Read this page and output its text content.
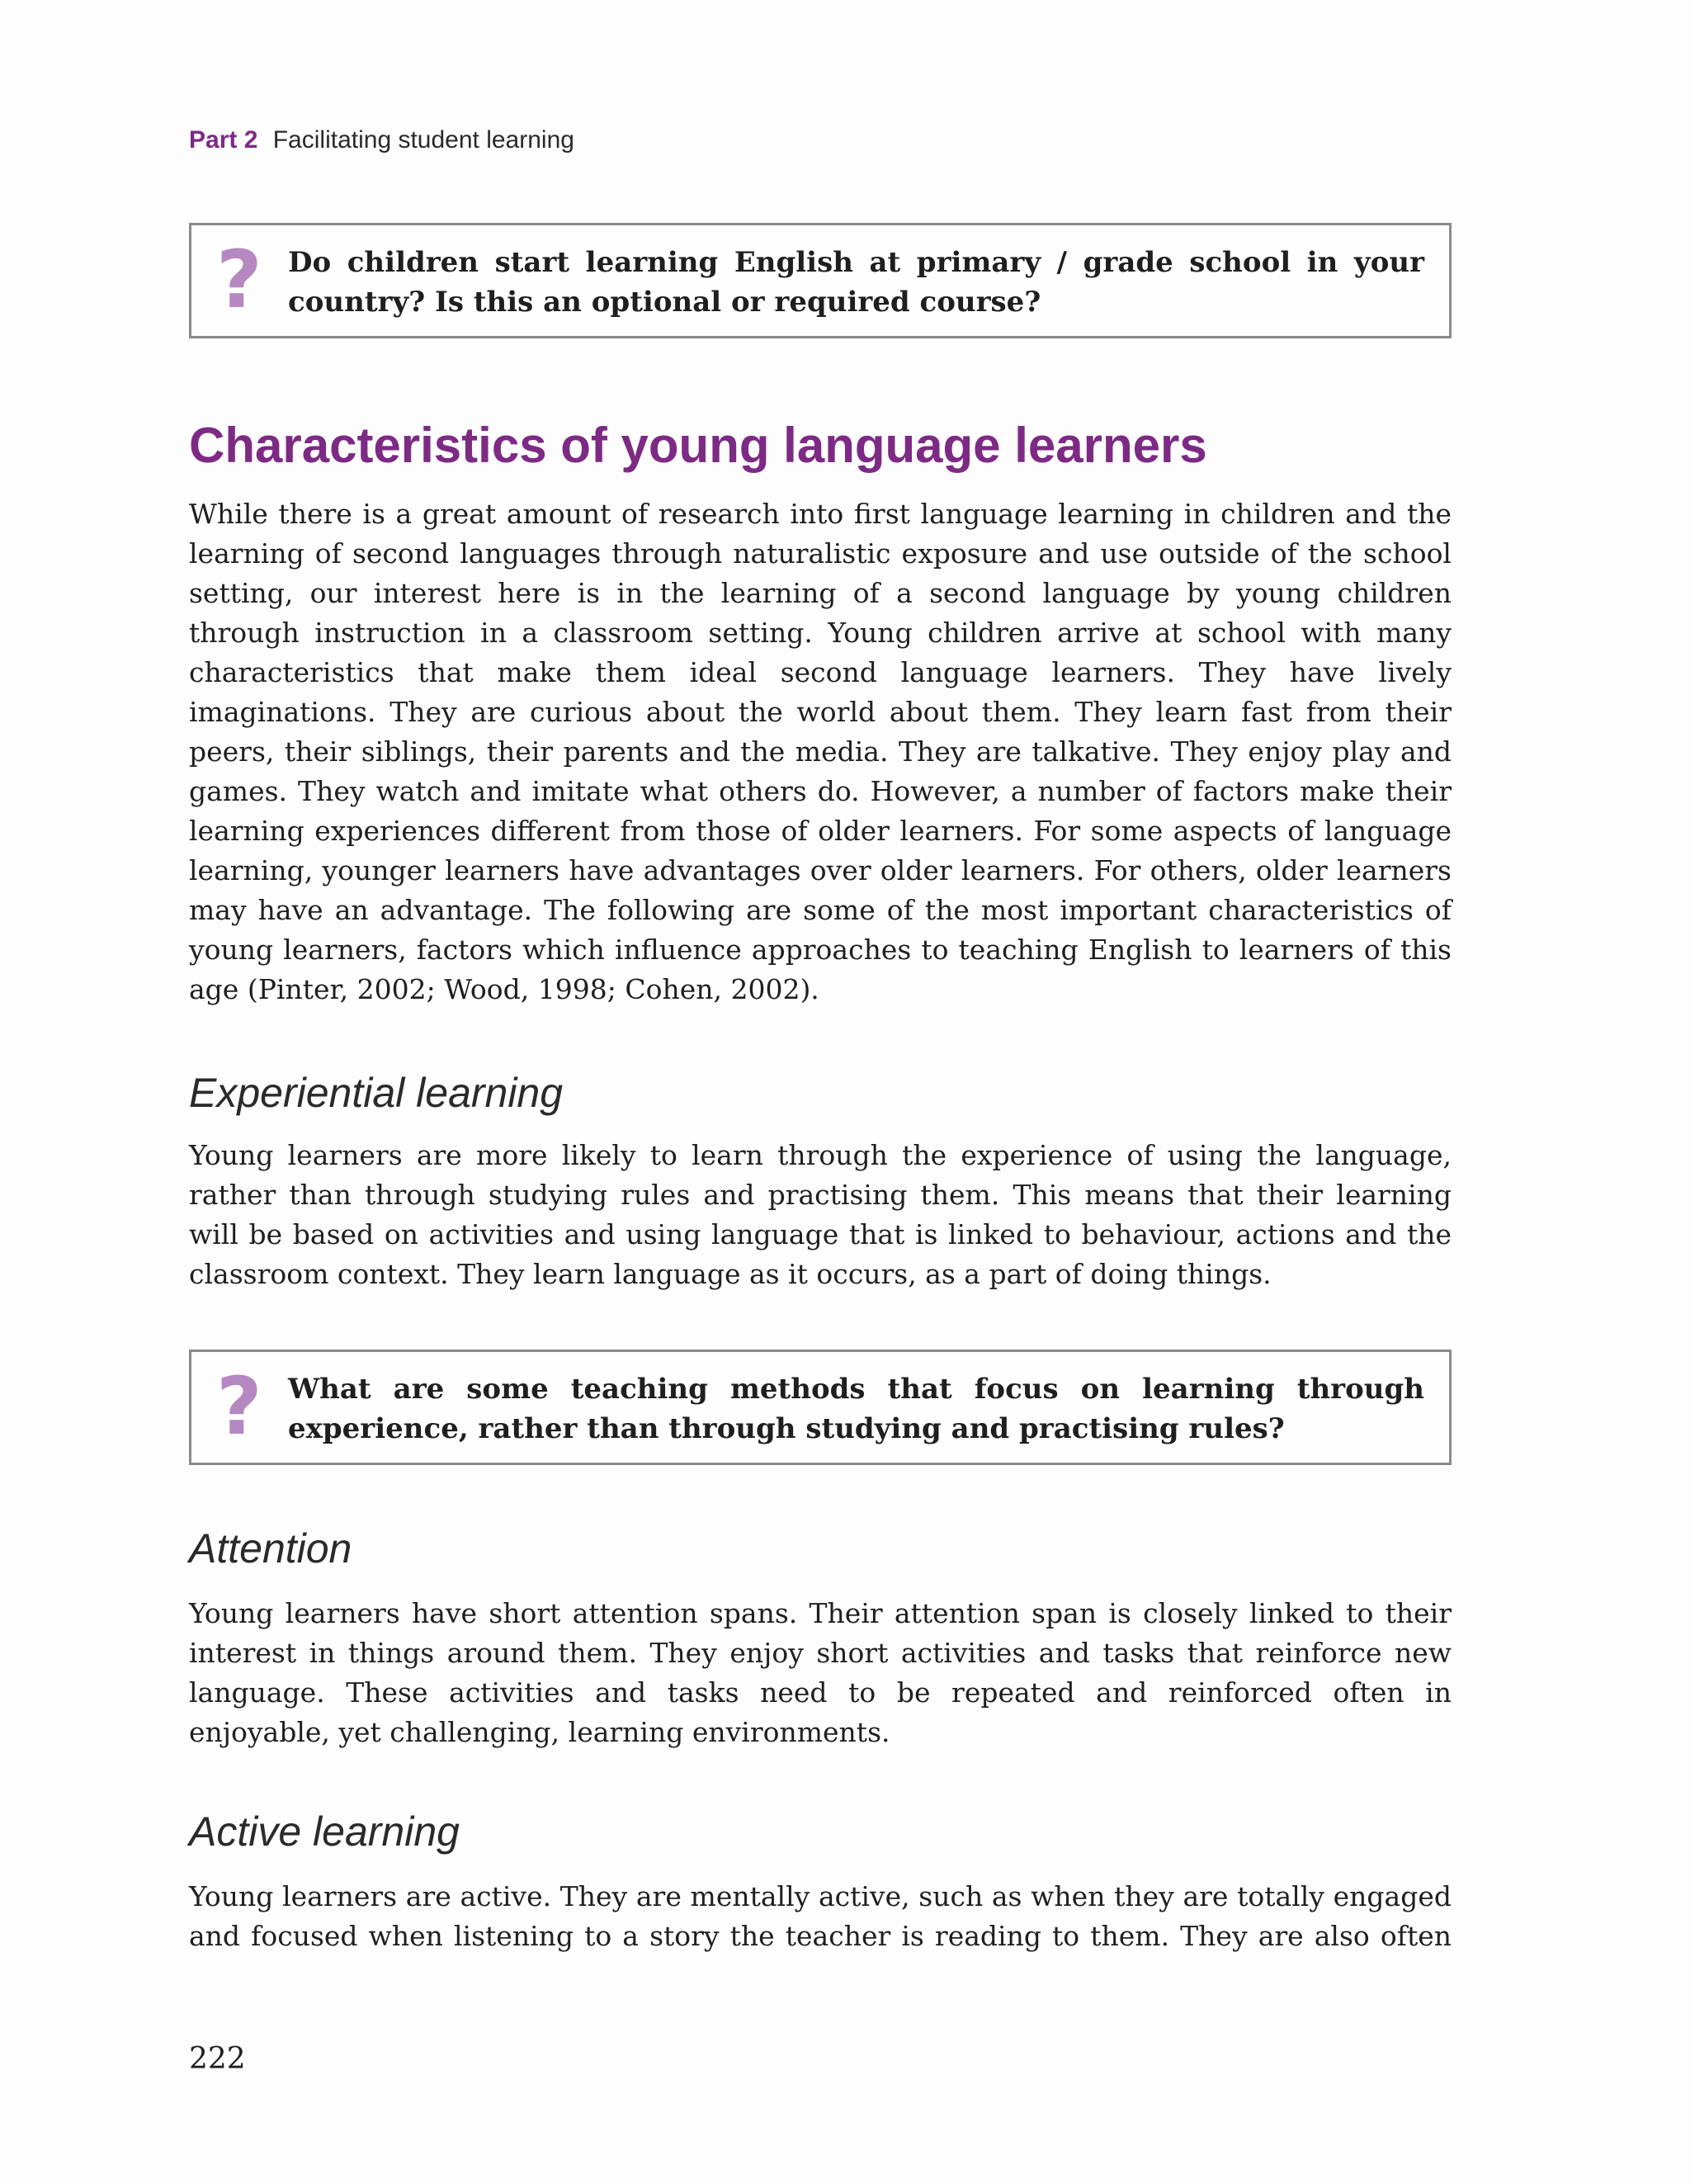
Part 2 Facilitating student learning
? Do children start learning English at primary / grade school in your country? Is this an optional or required course?
Characteristics of young language learners

While there is a great amount of research into first language learning in children and the learning of second languages through naturalistic exposure and use outside of the school setting, our interest here is in the learning of a second language by young children through instruction in a classroom setting. Young children arrive at school with many characteristics that make them ideal second language learners. They have lively imaginations. They are curious about the world about them. They learn fast from their peers, their siblings, their parents and the media. They are talkative. They enjoy play and games. They watch and imitate what others do. However, a number of factors make their learning experiences different from those of older learners. For some aspects of language learning, younger learners have advantages over older learners. For others, older learners may have an advantage. The following are some of the most important characteristics of young learners, factors which influence approaches to teaching English to learners of this age (Pinter, 2002; Wood, 1998; Cohen, 2002).

Experiential learning

Young learners are more likely to learn through the experience of using the language, rather than through studying rules and practising them. This means that their learning will be based on activities and using language that is linked to behaviour, actions and the classroom context. They learn language as it occurs, as a part of doing things.

? What are some teaching methods that focus on learning through experience, rather than through studying and practising rules?
Attention

Young learners have short attention spans. Their attention span is closely linked to their interest in things around them. They enjoy short activities and tasks that reinforce new language. These activities and tasks need to be repeated and reinforced often in enjoyable, yet challenging, learning environments.

Active learning

Young learners are active. They are mentally active, such as when they are totally engaged and focused when listening to a story the teacher is reading to them. They are also often

222
